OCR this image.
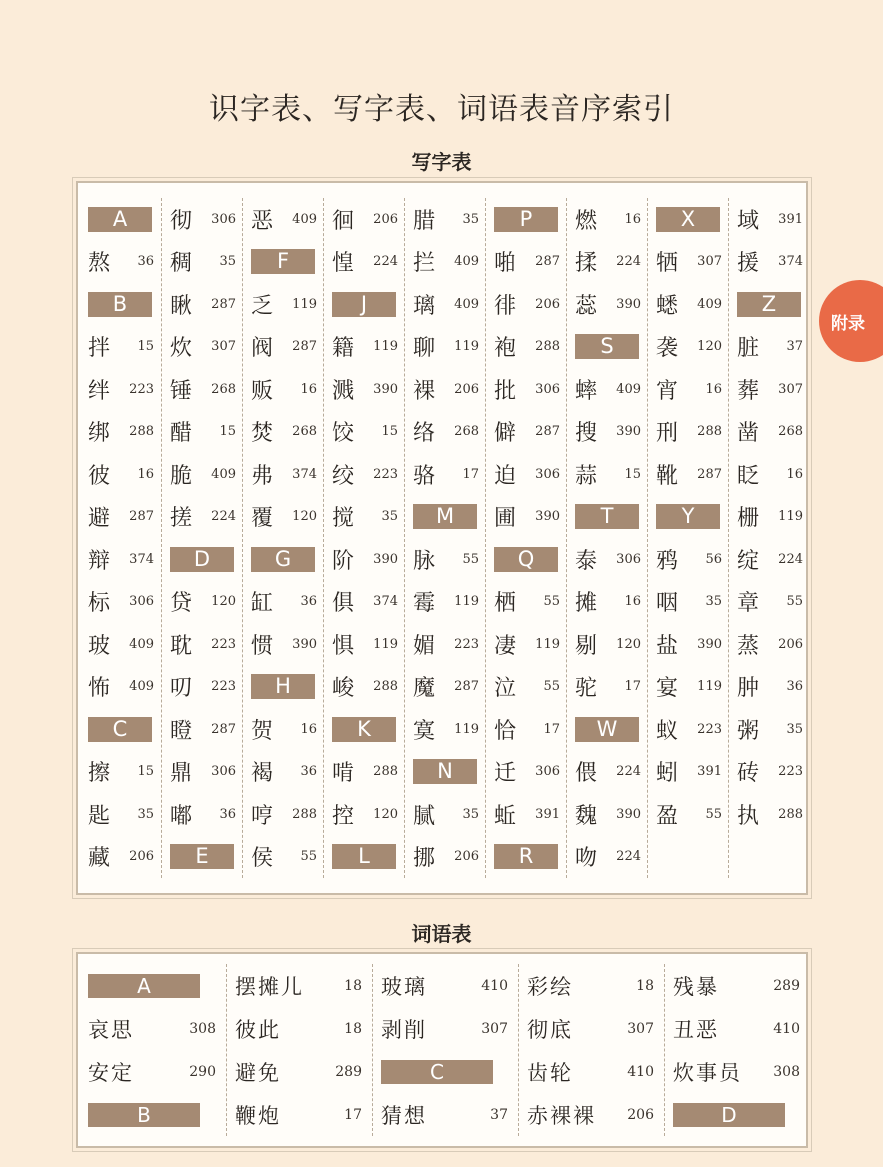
识字表、写字表、词语表音序索引
写字表
A
熬	36
B
拌	15
绊	223
绑	288
彼	16
避	287
辩	374
标	306
玻	409
怖	409
C
擦	15
匙	35
藏	206
彻	306
稠	35
瞅	287
炊	307
锤	268
醋	15
脆	409
搓	224
D
贷	120
耽	223
叨	223
瞪	287
鼎	306
嘟	36
E
恶	409
F
乏	119
阀	287
贩	16
焚	268
弗	374
覆	120
G
缸	36
惯	390
H
贺	16
褐	36
哼	288
侯	55
徊	206
惶	224
J
籍	119
溅	390
饺	15
绞	223
搅	35
阶	390
俱	374
惧	119
峻	288
K
啃	288
控	120
L
腊	35
拦	409
璃	409
聊	119
裸	206
络	268
骆	17
M
脉	55
霉	119
媚	223
魔	287
寞	119
N
腻	35
挪	206
P
啪	287
徘	206
袍	288
批	306
僻	287
迫	306
圃	390
Q
栖	55
凄	119
泣	55
恰	17
迁	306
蚯	391
R
燃	16
揉	224
蕊	390
S
蟀	409
搜	390
蒜	15
T
泰	306
摊	16
剔	120
驼	17
W
偎	224
魏	390
吻	224
X
牺	307
蟋	409
袭	120
宵	16
刑	288
靴	287
Y
鸦	56
咽	35
盐	390
宴	119
蚁	223
蚓	391
盈	55
域	391
援	374
Z
脏	37
葬	307
凿	268
眨	16
栅	119
绽	224
章	55
蒸	206
肿	36
粥	35
砖	223
执	288
词语表
A
哀思	308
安定	290
B
摆摊儿	18
彼此	18
避免	289
鞭炮	17
玻璃	410
剥削	307
C
猜想	37
彩绘	18
彻底	307
齿轮	410
赤裸裸	206
残暴	289
丑恶	410
炊事员	308
D
附录
